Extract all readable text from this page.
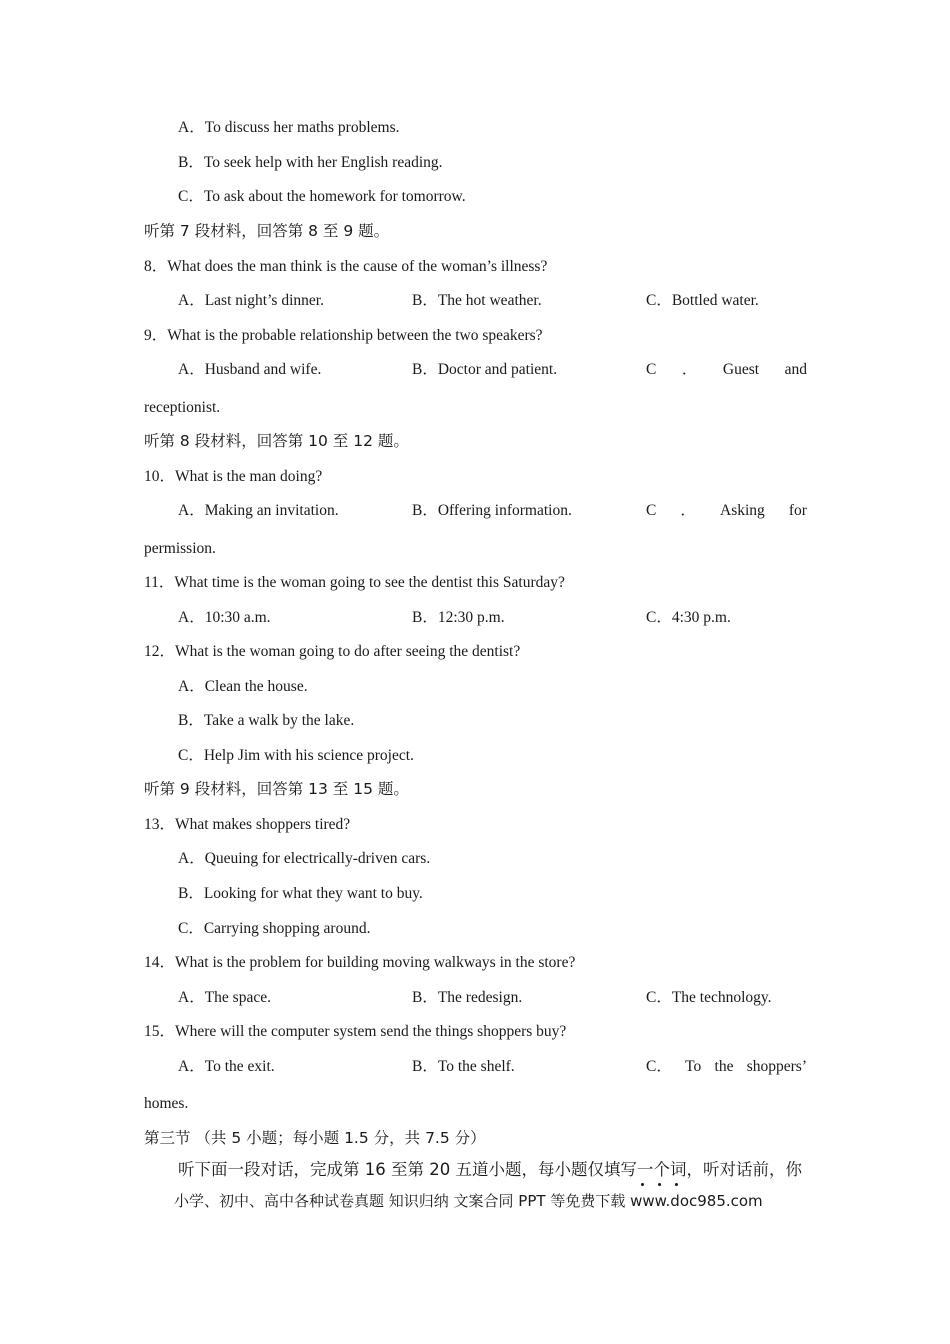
A．To discuss her maths problems.
B．To seek help with her English reading.
C．To ask about the homework for tomorrow.
听第 7 段材料，回答第 8 至 9 题。
8．What does the man think is the cause of the woman’s illness?
A．Last night’s dinner.	B．The hot weather.	C．Bottled water.
9．What is the probable relationship between the two speakers?
A．Husband and wife.	B．Doctor and patient.	C ． Guest and
receptionist.
听第 8 段材料，回答第 10 至 12 题。
10．What is the man doing?
A．Making an invitation.	B．Offering information.	C ． Asking for
permission.
11．What time is the woman going to see the dentist this Saturday?
A．10:30 a.m.	B．12:30 p.m.	C．4:30 p.m.
12．What is the woman going to do after seeing the dentist?
A．Clean the house.
B．Take a walk by the lake.
C．Help Jim with his science project.
听第 9 段材料，回答第 13 至 15 题。
13．What makes shoppers tired?
A．Queuing for electrically-driven cars.
B．Looking for what they want to buy.
C．Carrying shopping around.
14．What is the problem for building moving walkways in the store?
A．The space.	B．The redesign.	C．The technology.
15．Where will the computer system send the things shoppers buy?
A．To the exit.	B．To the shelf.	C． To the shoppers’
homes.
第三节 （共 5 小题；每小题 1.5 分，共 7.5 分）
听下面一段对话，完成第 16 至第 20 五道小题，每小题仅填写一个词，听对话前，你
小学、初中、高中各种试卷真题 知识归纳 文案合同 PPT 等免费下载 www.doc985.com
